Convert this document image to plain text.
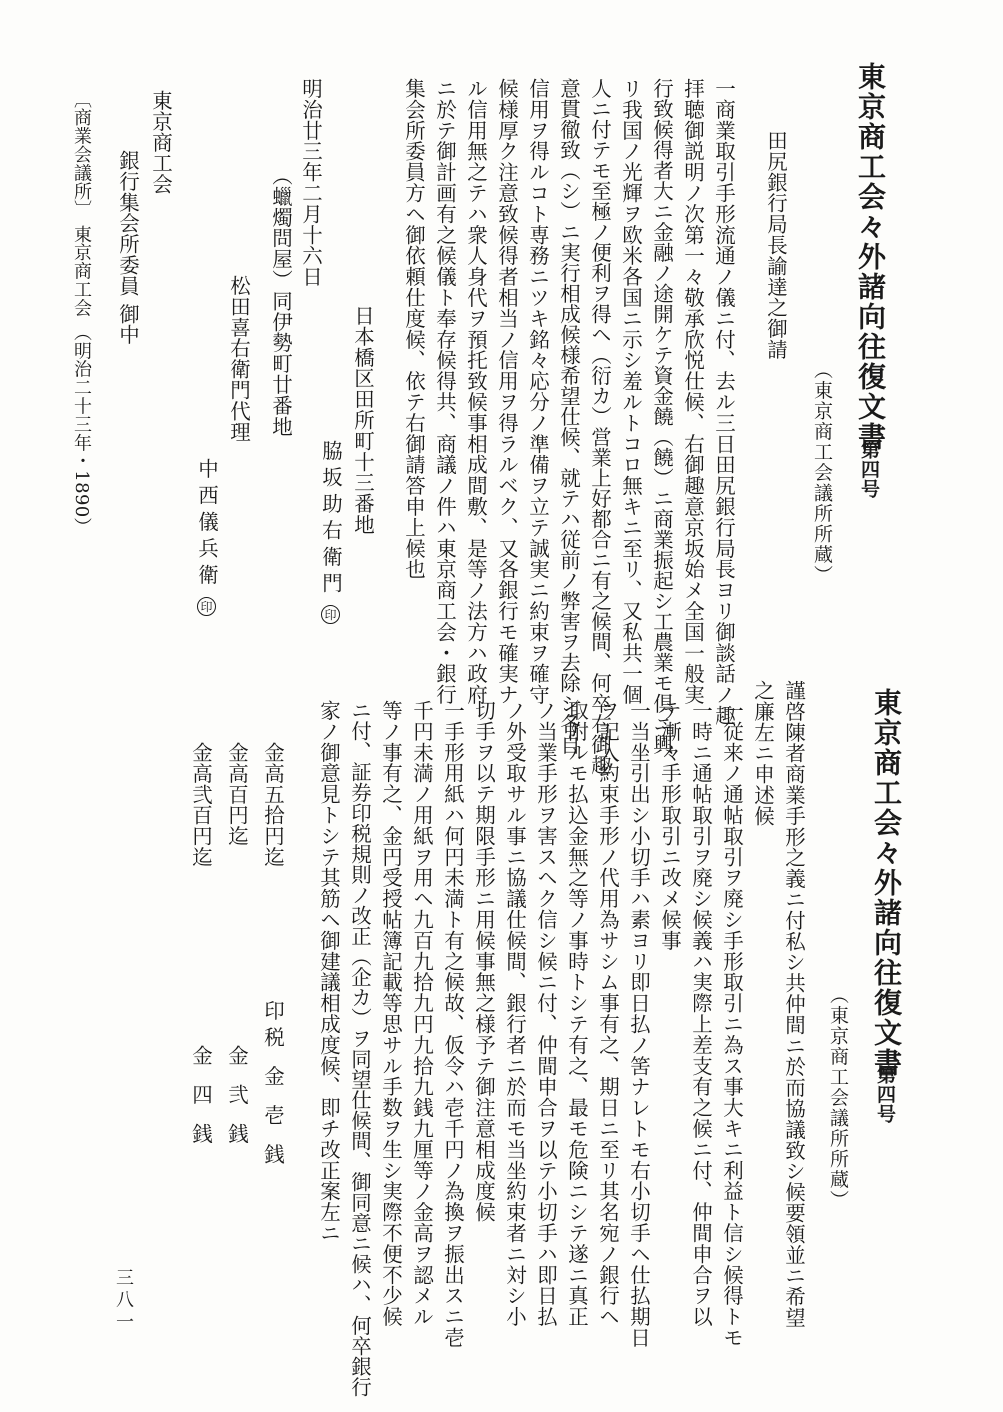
東京商工会々外諸向往復文書
第四号
（東京商工会議所所蔵）
田尻銀行局長諭達之御請
一商業取引手形流通ノ儀ニ付、去ル三日田尻銀行局長ヨリ御談話ノ趣
拝聴御説明ノ次第一々敬承欣悦仕候、右御趣意京坂始メ全国一般実
行致候得者大ニ金融ノ途開ケテ資金饒（饒）ニ商業振起シ工農業モ倶ニ興
リ我国ノ光輝ヲ欧米各国ニ示シ羞ルトコロ無キニ至リ、又私共一個
人ニ付テモ至極ノ便利ヲ得ヘ（衍カ）営業上好都合ニ有之候間、何卒右御趣
意貫徹致（シ）ニ実行相成候様希望仕候、就テハ従前ノ弊害ヲ去除シ各自
信用ヲ得ルコト専務ニツキ銘々応分ノ準備ヲ立テ誠実ニ約束ヲ確守
候様厚ク注意致候得者相当ノ信用ヲ得ラルベク、又各銀行モ確実ナ
ル信用無之テハ衆人身代ヲ預托致候事相成間敷、是等ノ法方ハ政府
ニ於テ御計画有之候儀ト奉存候得共、商議ノ件ハ東京商工会・銀行
集会所委員方ヘ御依頼仕度候、依テ右御請答申上候也
日本橋区田所町十三番地
脇坂助右衛門印
明治廿三年二月十六日
（蠟燭問屋）同伊勢町廿番地
松田喜右衛門代理
中西儀兵衛印
東京商工会
銀行集会所委員 御中
〔商業会議所〕 東京商工会 （明治二十三年・1890）
東京商工会々外諸向往復文書
第四号
（東京商工会議所所蔵）
謹啓陳者商業手形之義ニ付私シ共仲間ニ於而協議致シ候要領並ニ希望
之廉左ニ申述候
一従来ノ通帖取引ヲ廃シ手形取引ニ為ス事大キニ利益ト信シ候得トモ
一時ニ通帖取引ヲ廃シ候義ハ実際上差支有之候ニ付、仲間申合ヲ以
テ漸々手形取引ニ改メ候事
一当坐引出シ小切手ハ素ヨリ即日払ノ筈ナレトモ右小切手ヘ仕払期日
ヲ記入約束手形ノ代用為サシム事有之、期日ニ至リ其名宛ノ銀行ヘ
取附ルモ払込金無之等ノ事時トシテ有之、最モ危険ニシテ遂ニ真正
ノ当業手形ヲ害スヘク信シ候ニ付、仲間申合ヲ以テ小切手ハ即日払
ノ外受取サル事ニ協議仕候間、銀行者ニ於而モ当坐約束者ニ対シ小
切手ヲ以テ期限手形ニ用候事無之様予テ御注意相成度候
一手形用紙ハ何円未満ト有之候故、仮令ハ壱千円ノ為換ヲ振出スニ壱
千円未満ノ用紙ヲ用ヘ九百九拾九円九拾九銭九厘等ノ金高ヲ認メル
等ノ事有之、金円受授帖簿記載等思サル手数ヲ生シ実際不便不少候
ニ付、証券印税規則ノ改正（企カ）ヲ同望仕候間、御同意ニ候ハ、何卒銀行
家ノ御意見トシテ其筋ヘ御建議相成度候、即チ改正案左ニ
金高五拾円迄
印税 金 壱 銭
金高百円迄
金 弐 銭
金高弐百円迄
金 四 銭
三八一
